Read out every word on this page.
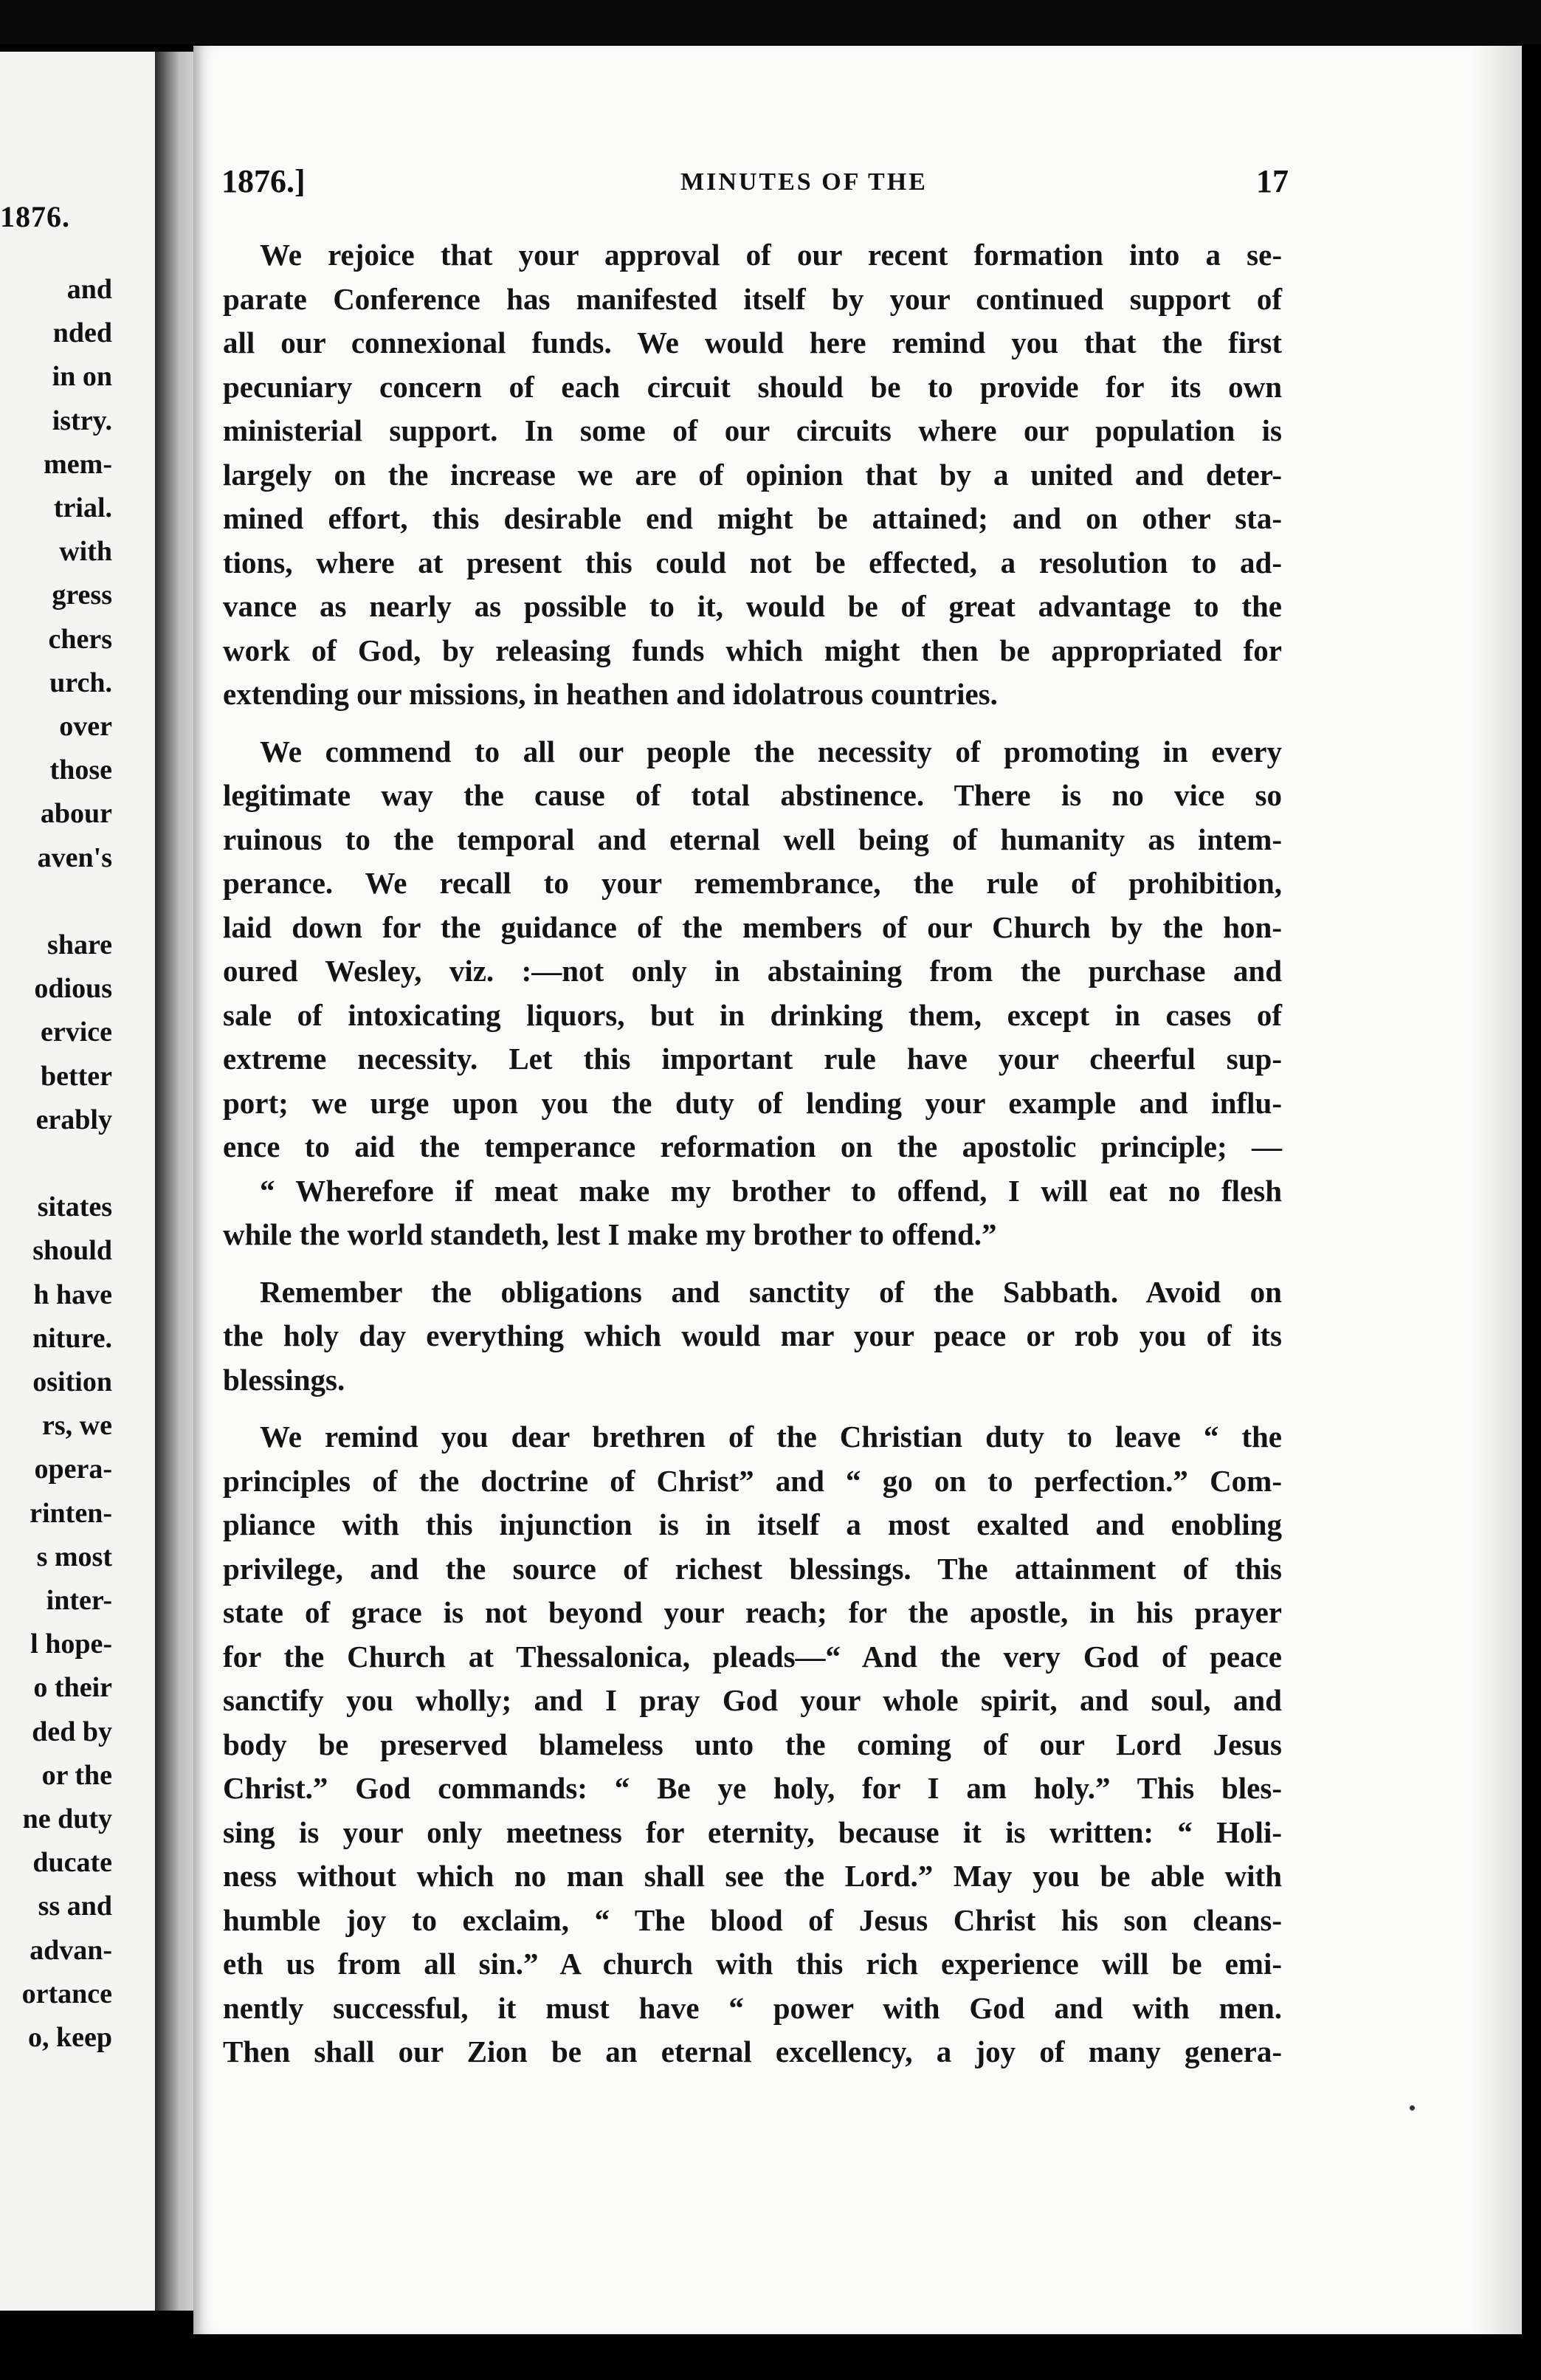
1876.
and
nded
in on
istry.
mem-
trial.
with
gress
chers
urch.
over
those
abour
aven's
share
odious
ervice
better
erably
sitates
should
h have
niture.
osition
rs, we
opera-
rinten-
s most
inter-
l hope-
o their
ded by
or the
ne duty
ducate
ss and
advan-
ortance
o, keep
1876.]	MINUTES OF THE	17
We rejoice that your approval of our recent formation into a se-
parate Conference has manifested itself by your continued support of
all our connexional funds. We would here remind you that the first
pecuniary concern of each circuit should be to provide for its own
ministerial support. In some of our circuits where our population is
largely on the increase we are of opinion that by a united and deter-
mined effort, this desirable end might be attained; and on other sta-
tions, where at present this could not be effected, a resolution to ad-
vance as nearly as possible to it, would be of great advantage to the
work of God, by releasing funds which might then be appropriated for
extending our missions, in heathen and idolatrous countries.
We commend to all our people the necessity of promoting in every
legitimate way the cause of total abstinence. There is no vice so
ruinous to the temporal and eternal well being of humanity as intem-
perance. We recall to your remembrance, the rule of prohibition,
laid down for the guidance of the members of our Church by the hon-
oured Wesley, viz. :—not only in abstaining from the purchase and
sale of intoxicating liquors, but in drinking them, except in cases of
extreme necessity. Let this important rule have your cheerful sup-
port; we urge upon you the duty of lending your example and influ-
ence to aid the temperance reformation on the apostolic principle; —
“ Wherefore if meat make my brother to offend, I will eat no flesh
while the world standeth, lest I make my brother to offend.”
Remember the obligations and sanctity of the Sabbath. Avoid on
the holy day everything which would mar your peace or rob you of its
blessings.
We remind you dear brethren of the Christian duty to leave “ the
principles of the doctrine of Christ” and “ go on to perfection.” Com-
pliance with this injunction is in itself a most exalted and enobling
privilege, and the source of richest blessings. The attainment of this
state of grace is not beyond your reach; for the apostle, in his prayer
for the Church at Thessalonica, pleads—“ And the very God of peace
sanctify you wholly; and I pray God your whole spirit, and soul, and
body be preserved blameless unto the coming of our Lord Jesus
Christ.” God commands: “ Be ye holy, for I am holy.” This bles-
sing is your only meetness for eternity, because it is written: “ Holi-
ness without which no man shall see the Lord.” May you be able with
humble joy to exclaim, “ The blood of Jesus Christ his son cleans-
eth us from all sin.” A church with this rich experience will be emi-
nently successful, it must have “ power with God and with men.
Then shall our Zion be an eternal excellency, a joy of many genera-
